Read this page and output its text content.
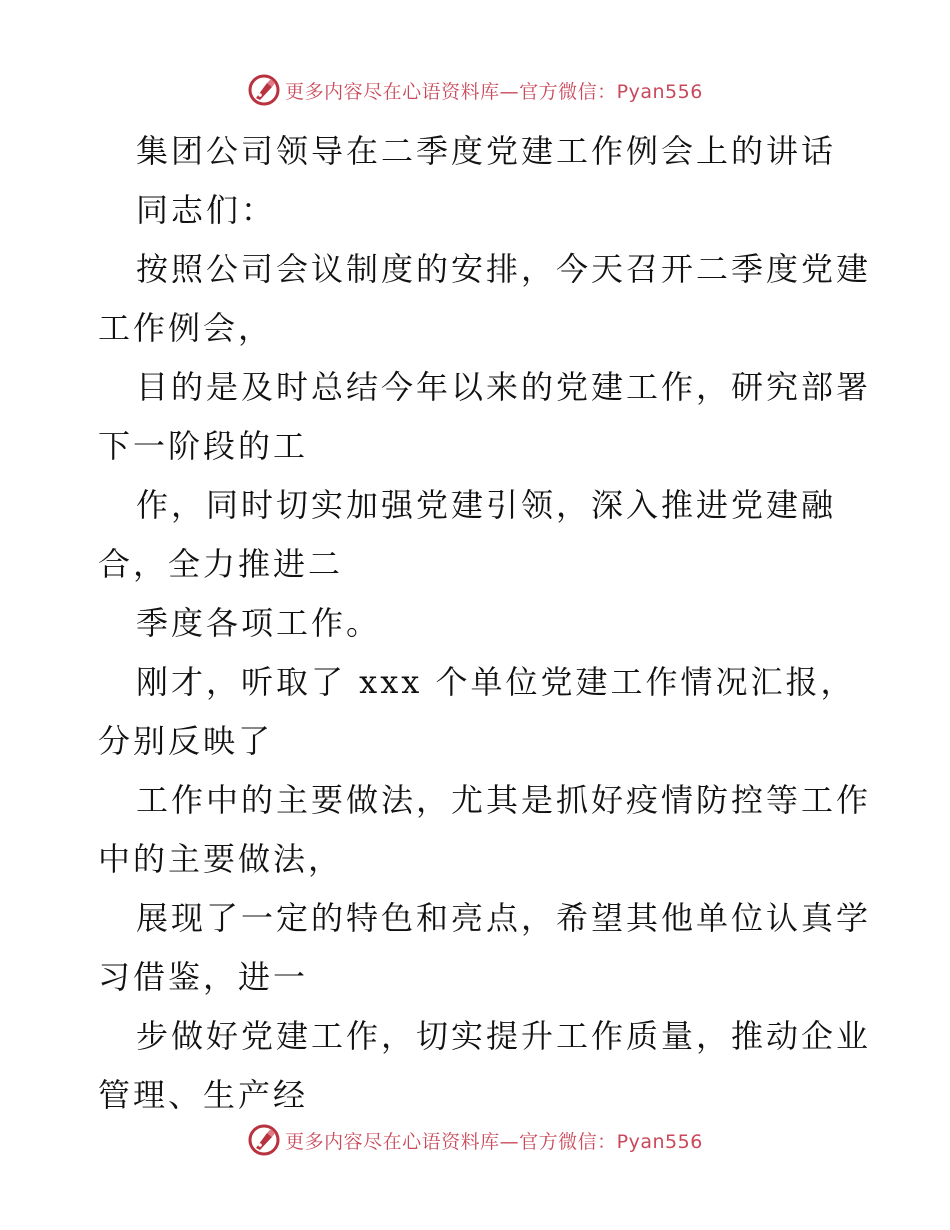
更多内容尽在心语资料库—官方微信：Pyan556
集团公司领导在二季度党建工作例会上的讲话
同志们：
按照公司会议制度的安排，今天召开二季度党建
工作例会，
目的是及时总结今年以来的党建工作，研究部署
下一阶段的工
作，同时切实加强党建引领，深入推进党建融
合，全力推进二
季度各项工作。
刚才，听取了 xxx 个单位党建工作情况汇报，
分别反映了
工作中的主要做法，尤其是抓好疫情防控等工作
中的主要做法，
展现了一定的特色和亮点，希望其他单位认真学
习借鉴，进一
步做好党建工作，切实提升工作质量，推动企业
管理、生产经
更多内容尽在心语资料库—官方微信：Pyan556
